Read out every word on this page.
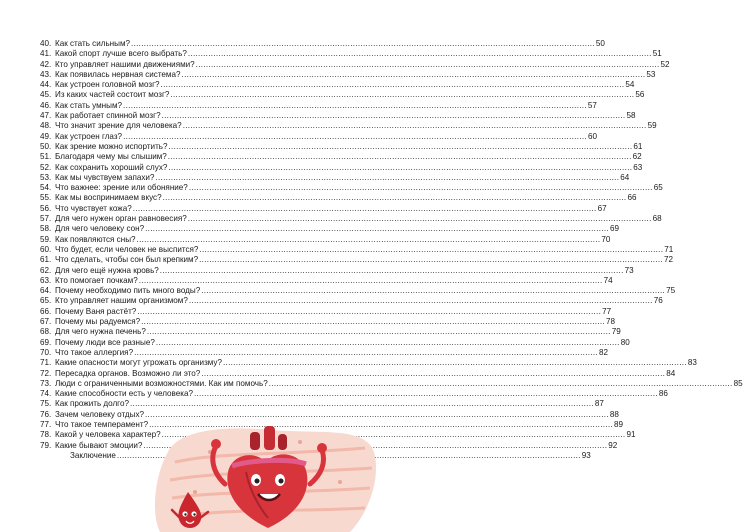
40. Как стать сильным? .....	50
41. Какой спорт лучше всего выбрать? .....	51
42. Кто управляет нашими движениями? .....	52
43. Как появилась нервная система? .....	53
44. Как устроен головной мозг? .....	54
45. Из каких частей состоит мозг? .....	56
46. Как стать умным? .....	57
47. Как работает спинной мозг? .....	58
48. Что значит зрение для человека? .....	59
49. Как устроен глаз? .....	60
50. Как зрение можно испортить? .....	61
51. Благодаря чему мы слышим? .....	62
52. Как сохранить хороший слух? .....	63
53. Как мы чувствуем запахи? .....	64
54. Что важнее: зрение или обоняние? .....	65
55. Как мы воспринимаем вкус? .....	66
56. Что чувствует кожа? .....	67
57. Для чего нужен орган равновесия? .....	68
58. Для чего человеку сон? .....	69
59. Как появляются сны? .....	70
60. Что будет, если человек не выспится? .....	71
61. Что сделать, чтобы сон был крепким? .....	72
62. Для чего ещё нужна кровь? .....	73
63. Кто помогает почкам? .....	74
64. Почему необходимо пить много воды? .....	75
65. Кто управляет нашим организмом? .....	76
66. Почему Ваня растёт? .....	77
67. Почему мы радуемся? .....	78
68. Для чего нужна печень? .....	79
69. Почему люди все разные? .....	80
70. Что такое аллергия? .....	82
71. Какие опасности могут угрожать организму? .....	83
72. Пересадка органов. Возможно ли это? .....	84
73. Люди с ограниченными возможностями. Как им помочь? .....	85
74. Какие способности есть у человека? .....	86
75. Как прожить долго? .....	87
76. Зачем человеку отдых? .....	88
77. Что такое темперамент? .....	89
78. Какой у человека характер? .....	91
79. Какие бывают эмоции? .....	92
Заключение .....	93
